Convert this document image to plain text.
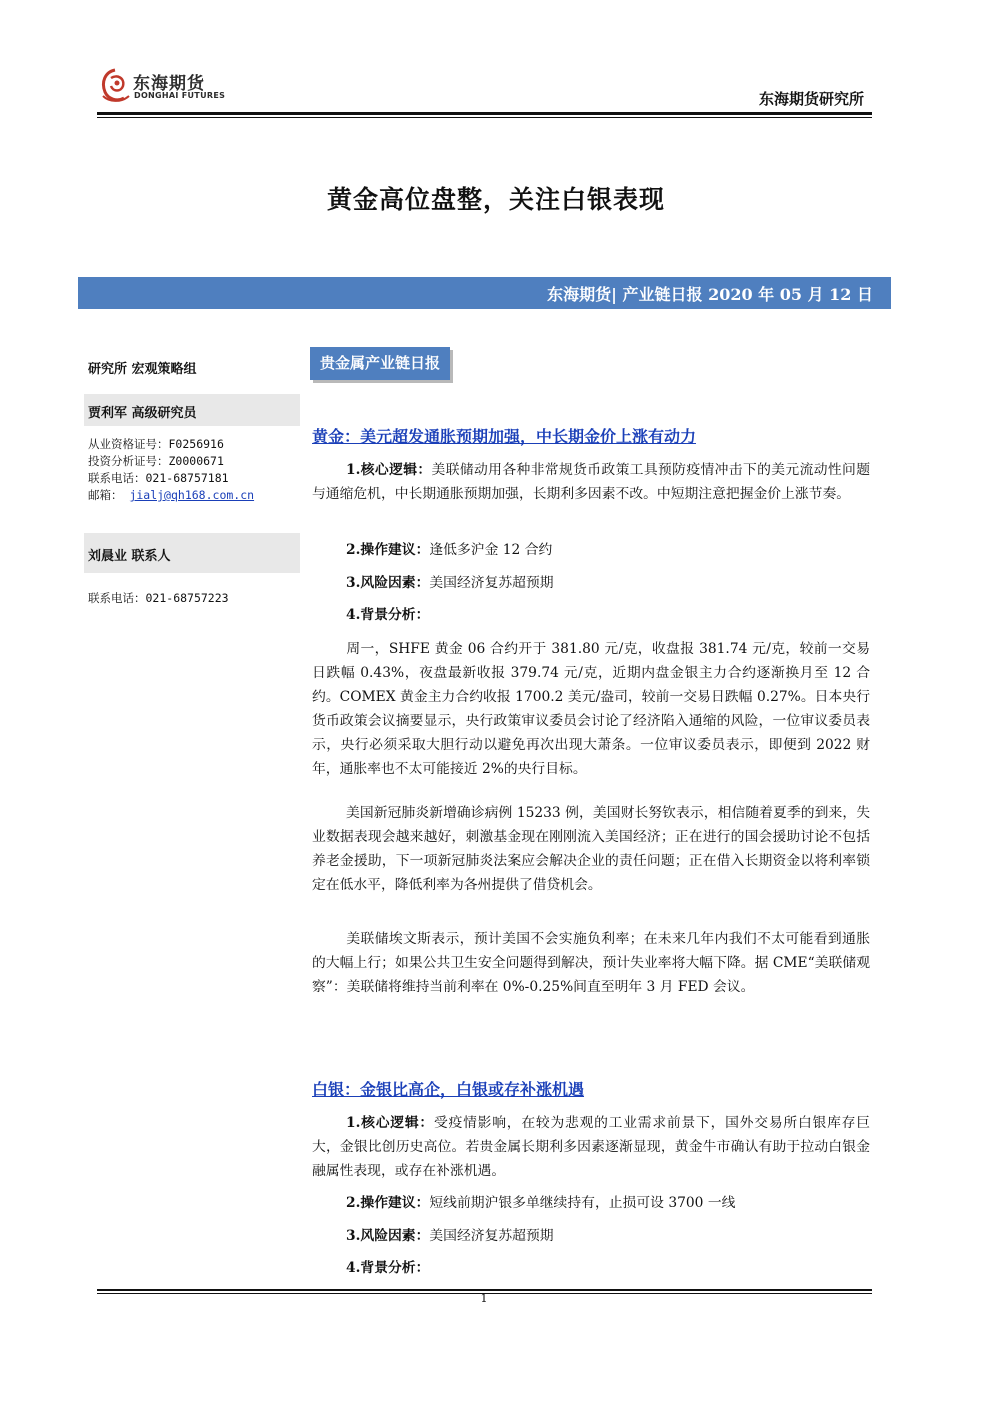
东海期货
DONGHAI FUTURES	东海期货研究所
黄金高位盘整，关注白银表现
东海期货| 产业链日报 2020 年 05 月 12 日
研究所 宏观策略组
贾利军 高级研究员
从业资格证号：F0256916
投资分析证号：Z0000671
联系电话：021-68757181
邮箱： jialj@qh168.com.cn
刘晨业 联系人
联系电话：021-68757223
贵金属产业链日报
黄金：美元超发通胀预期加强，中长期金价上涨有动力
1.核心逻辑：美联储动用各种非常规货币政策工具预防疫情冲击下的美元流动性问题与通缩危机，中长期通胀预期加强，长期利多因素不改。中短期注意把握金价上涨节奏。
2.操作建议：逢低多沪金 12 合约
3.风险因素：美国经济复苏超预期
4.背景分析：
周一，SHFE 黄金 06 合约开于 381.80 元/克，收盘报 381.74 元/克，较前一交易日跌幅 0.43%，夜盘最新收报 379.74 元/克，近期内盘金银主力合约逐渐换月至 12 合约。COMEX 黄金主力合约收报 1700.2 美元/盎司，较前一交易日跌幅 0.27%。日本央行货币政策会议摘要显示，央行政策审议委员会讨论了经济陷入通缩的风险，一位审议委员表示，央行必须采取大胆行动以避免再次出现大萧条。一位审议委员表示，即便到 2022 财年，通胀率也不太可能接近 2%的央行目标。
美国新冠肺炎新增确诊病例 15233 例，美国财长努钦表示，相信随着夏季的到来，失业数据表现会越来越好，刺激基金现在刚刚流入美国经济；正在进行的国会援助讨论不包括养老金援助，下一项新冠肺炎法案应会解决企业的责任问题；正在借入长期资金以将利率锁定在低水平，降低利率为各州提供了借贷机会。
美联储埃文斯表示，预计美国不会实施负利率；在未来几年内我们不太可能看到通胀的大幅上行；如果公共卫生安全问题得到解决，预计失业率将大幅下降。据 CME“美联储观察”：美联储将维持当前利率在 0%-0.25%间直至明年 3 月 FED 会议。
白银：金银比高企，白银或存补涨机遇
1.核心逻辑：受疫情影响，在较为悲观的工业需求前景下，国外交易所白银库存巨大，金银比创历史高位。若贵金属长期利多因素逐渐显现，黄金牛市确认有助于拉动白银金融属性表现，或存在补涨机遇。
2.操作建议：短线前期沪银多单继续持有，止损可设 3700 一线
3.风险因素：美国经济复苏超预期
4.背景分析：
1
